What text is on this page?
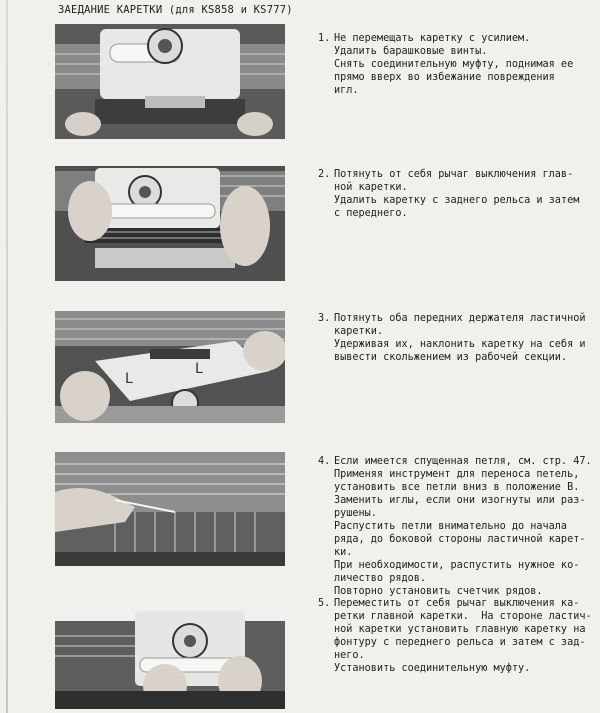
ЗАЕДАНИЕ КАРЕТКИ (для KS858 и KS777)
L
L
1. Не перемещать каретку с усилием.
Удалить барашковые винты.
Снять соединительную муфту, поднимая ее
прямо вверх во избежание повреждения
игл.
2. Потянуть от себя рычаг выключения глав-
ной каретки.
Удалить каретку с заднего рельса и затем
с переднего.
3. Потянуть оба передних держателя ластичной
каретки.
Удерживая их, наклонить каретку на себя и
вывести скольжением из рабочей секции.
4. Если имеется спущенная петля, см. стр. 47.
Применяя инструмент для переноса петель,
установить все петли вниз в положение В.
Заменить иглы, если они изогнуты или раз-
рушены.
Распустить петли внимательно до начала
ряда, до боковой стороны ластичной карет-
ки.
При необходимости, распустить нужное ко-
личество рядов.
Повторно установить счетчик рядов.
5. Переместить от себя рычаг выключения ка-
ретки главной каретки.  На стороне ластич-
ной каретки установить главную каретку на
фонтуру с переднего рельса и затем с зад-
него.
Установить соединительную муфту.
